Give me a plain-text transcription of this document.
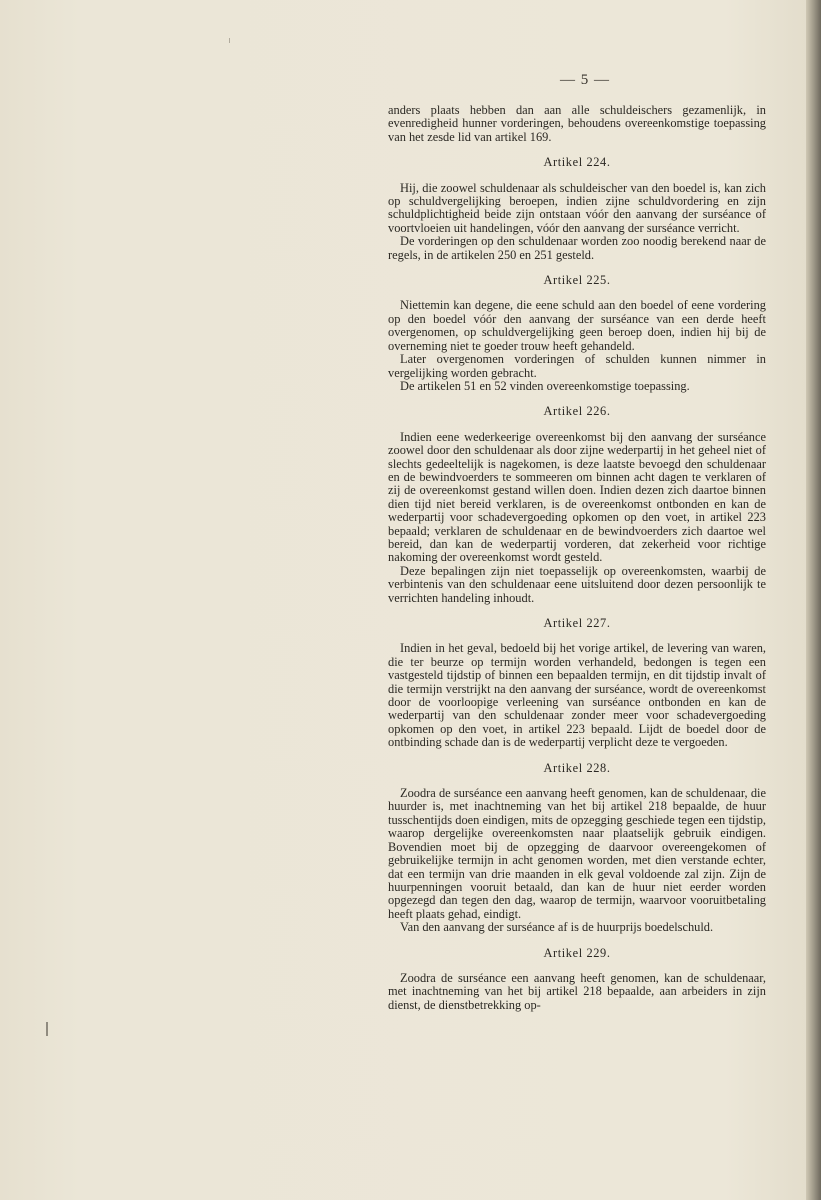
— 5 —

anders plaats hebben dan aan alle schuldeischers gezamenlijk, in evenredigheid hunner vorderingen, behoudens overeenkomstige toepassing van het zesde lid van artikel 169.

Artikel 224.

Hij, die zoowel schuldenaar als schuldeischer van den boedel is, kan zich op schuldvergelijking beroepen, indien zijne schuldvordering en zijn schuldplichtigheid beide zijn ontstaan vóór den aanvang der surséance of voortvloeien uit handelingen, vóór den aanvang der surséance verricht.

De vorderingen op den schuldenaar worden zoo noodig berekend naar de regels, in de artikelen 250 en 251 gesteld.

Artikel 225.

Niettemin kan degene, die eene schuld aan den boedel of eene vordering op den boedel vóór den aanvang der surséance van een derde heeft overgenomen, op schuldvergelijking geen beroep doen, indien hij bij de overneming niet te goeder trouw heeft gehandeld.

Later overgenomen vorderingen of schulden kunnen nimmer in vergelijking worden gebracht.

De artikelen 51 en 52 vinden overeenkomstige toepassing.

Artikel 226.

Indien eene wederkeerige overeenkomst bij den aanvang der surséance zoowel door den schuldenaar als door zijne wederpartij in het geheel niet of slechts gedeeltelijk is nagekomen, is deze laatste bevoegd den schuldenaar en de bewindvoerders te sommeeren om binnen acht dagen te verklaren of zij de overeenkomst gestand willen doen. Indien dezen zich daartoe binnen dien tijd niet bereid verklaren, is de overeenkomst ontbonden en kan de wederpartij voor schadevergoeding opkomen op den voet, in artikel 223 bepaald; verklaren de schuldenaar en de bewindvoerders zich daartoe wel bereid, dan kan de wederpartij vorderen, dat zekerheid voor richtige nakoming der overeenkomst wordt gesteld.

Deze bepalingen zijn niet toepasselijk op overeenkomsten, waarbij de verbintenis van den schuldenaar eene uitsluitend door dezen persoonlijk te verrichten handeling inhoudt.

Artikel 227.

Indien in het geval, bedoeld bij het vorige artikel, de levering van waren, die ter beurze op termijn worden verhandeld, bedongen is tegen een vastgesteld tijdstip of binnen een bepaalden termijn, en dit tijdstip invalt of die termijn verstrijkt na den aanvang der surséance, wordt de overeenkomst door de voorloopige verleening van surséance ontbonden en kan de wederpartij van den schuldenaar zonder meer voor schadevergoeding opkomen op den voet, in artikel 223 bepaald. Lijdt de boedel door de ontbinding schade dan is de wederpartij verplicht deze te vergoeden.

Artikel 228.

Zoodra de surséance een aanvang heeft genomen, kan de schuldenaar, die huurder is, met inachtneming van het bij artikel 218 bepaalde, de huur tusschentijds doen eindigen, mits de opzegging geschiede tegen een tijdstip, waarop dergelijke overeenkomsten naar plaatselijk gebruik eindigen. Bovendien moet bij de opzegging de daarvoor overeengekomen of gebruikelijke termijn in acht genomen worden, met dien verstande echter, dat een termijn van drie maanden in elk geval voldoende zal zijn. Zijn de huurpenningen vooruit betaald, dan kan de huur niet eerder worden opgezegd dan tegen den dag, waarop de termijn, waarvoor vooruitbetaling heeft plaats gehad, eindigt.

Van den aanvang der surséance af is de huurprijs boedelschuld.

Artikel 229.

Zoodra de surséance een aanvang heeft genomen, kan de schuldenaar, met inachtneming van het bij artikel 218 bepaalde, aan arbeiders in zijn dienst, de dienstbetrekking op-
